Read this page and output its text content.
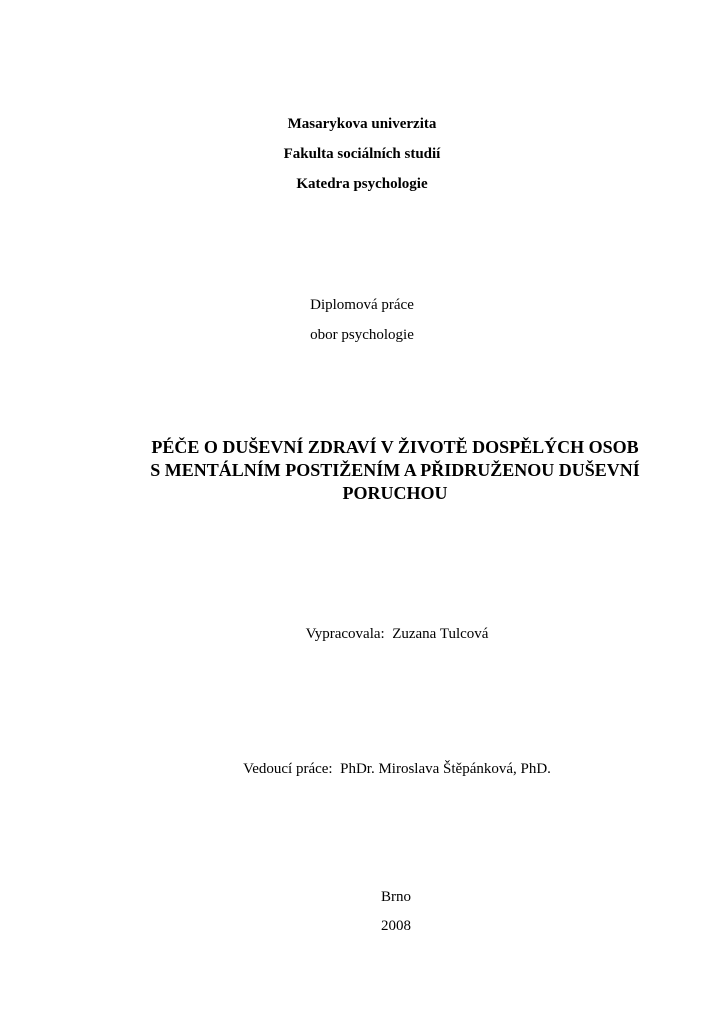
Masarykova univerzita
Fakulta sociálních studií
Katedra psychologie
Diplomová práce
obor psychologie
PÉČE O DUŠEVNÍ ZDRAVÍ V ŽIVOTĚ DOSPĚLÝCH OSOB
S MENTÁLNÍM POSTIŽENÍM A PŘIDRUŽENOU DUŠEVNÍ
PORUCHOU
Vypracovala: Zuzana Tulcová
Vedoucí práce: PhDr. Miroslava Štěpánková, PhD.
Brno
2008
